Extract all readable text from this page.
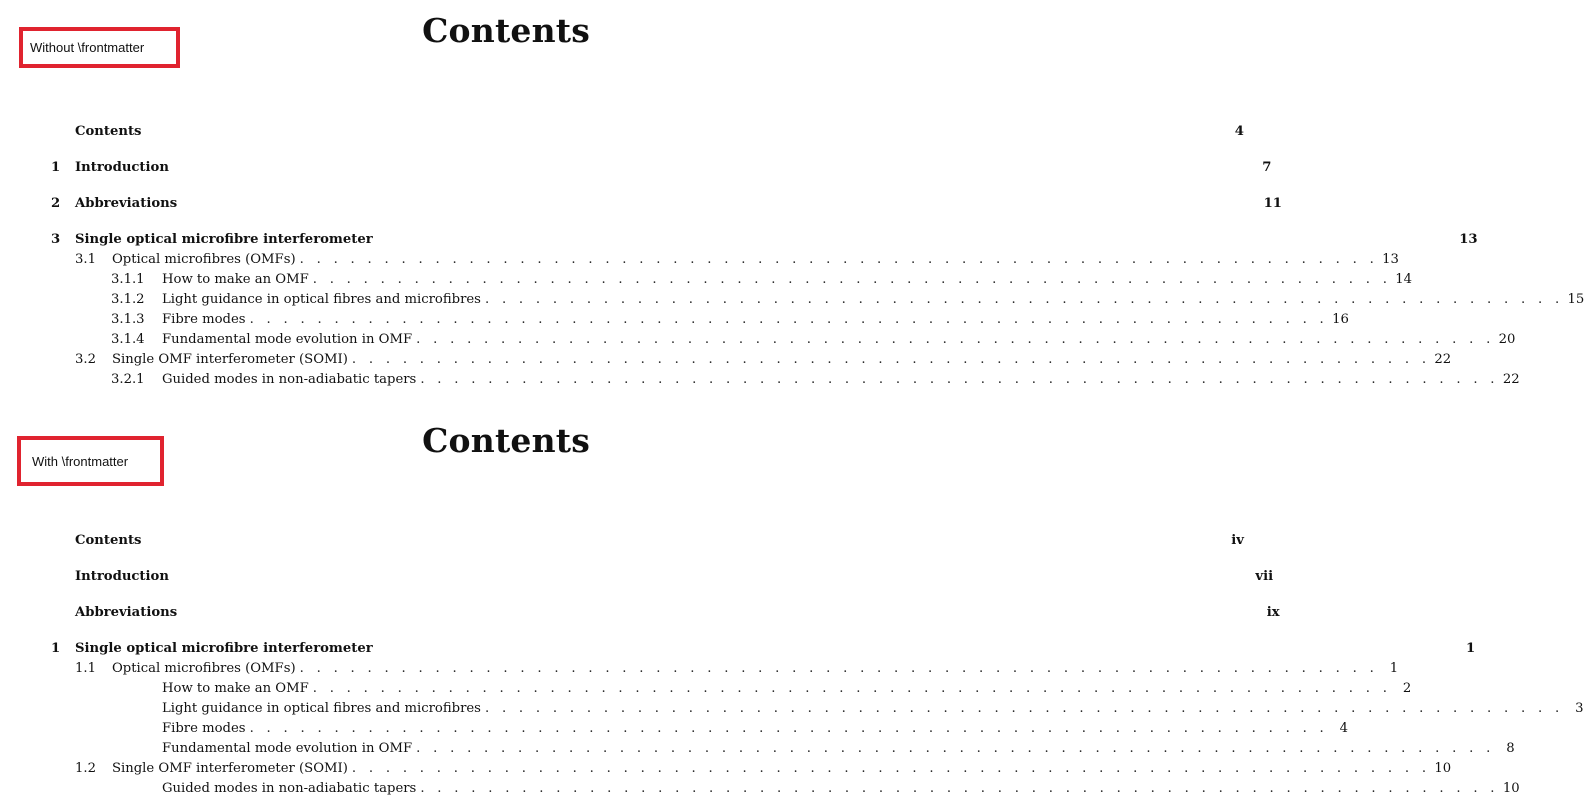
Without \frontmatter	Contents
Contents	4
1	Introduction	7
2	Abbreviations	11
3	Single optical microfibre interferometer	13
3.1	Optical microfibres (OMFs) . . . . . . . . . . . . . . . . . . . . . . . . . . . . . . . . . . . . . . . . . . . . . . . . . . . . . . . . . . . . . . . . 13
3.1.1	How to make an OMF . . . . . . . . . . . . . . . . . . . . . . . . . . . . . . . . . . . . . . . . . . . . . . . . . . . . . . . . . . . . . . . . 14
3.1.2	Light guidance in optical fibres and microfibres . . . . . . . . . . . . . . . . . . . . . . . . . . . . . . . . . . . . . . . . . . . . . . . . . . . . . . . . . . . . . . . . 15
3.1.3	Fibre modes . . . . . . . . . . . . . . . . . . . . . . . . . . . . . . . . . . . . . . . . . . . . . . . . . . . . . . . . . . . . . . . . 16
3.1.4	Fundamental mode evolution in OMF . . . . . . . . . . . . . . . . . . . . . . . . . . . . . . . . . . . . . . . . . . . . . . . . . . . . . . . . . . . . . . . . 20
3.2	Single OMF interferometer (SOMI) . . . . . . . . . . . . . . . . . . . . . . . . . . . . . . . . . . . . . . . . . . . . . . . . . . . . . . . . . . . . . . . . 22
3.2.1	Guided modes in non-adiabatic tapers . . . . . . . . . . . . . . . . . . . . . . . . . . . . . . . . . . . . . . . . . . . . . . . . . . . . . . . . . . . . . . . . 22
With \frontmatter
Contents
Contents	iv
Introduction	vii
Abbreviations	ix
1	Single optical microfibre interferometer	1
1.1	Optical microfibres (OMFs) . . . . . . . . . . . . . . . . . . . . . . . . . . . . . . . . . . . . . . . . . . . . . . . . . . . . . . . . . . . . . . . . 1
How to make an OMF . . . . . . . . . . . . . . . . . . . . . . . . . . . . . . . . . . . . . . . . . . . . . . . . . . . . . . . . . . . . . . . . 2
Light guidance in optical fibres and microfibres . . . . . . . . . . . . . . . . . . . . . . . . . . . . . . . . . . . . . . . . . . . . . . . . . . . . . . . . . . . . . . . . 3
Fibre modes . . . . . . . . . . . . . . . . . . . . . . . . . . . . . . . . . . . . . . . . . . . . . . . . . . . . . . . . . . . . . . . . 4
Fundamental mode evolution in OMF . . . . . . . . . . . . . . . . . . . . . . . . . . . . . . . . . . . . . . . . . . . . . . . . . . . . . . . . . . . . . . . . 8
1.2	Single OMF interferometer (SOMI) . . . . . . . . . . . . . . . . . . . . . . . . . . . . . . . . . . . . . . . . . . . . . . . . . . . . . . . . . . . . . . . . 10
Guided modes in non-adiabatic tapers . . . . . . . . . . . . . . . . . . . . . . . . . . . . . . . . . . . . . . . . . . . . . . . . . . . . . . . . . . . . . . . . 10
